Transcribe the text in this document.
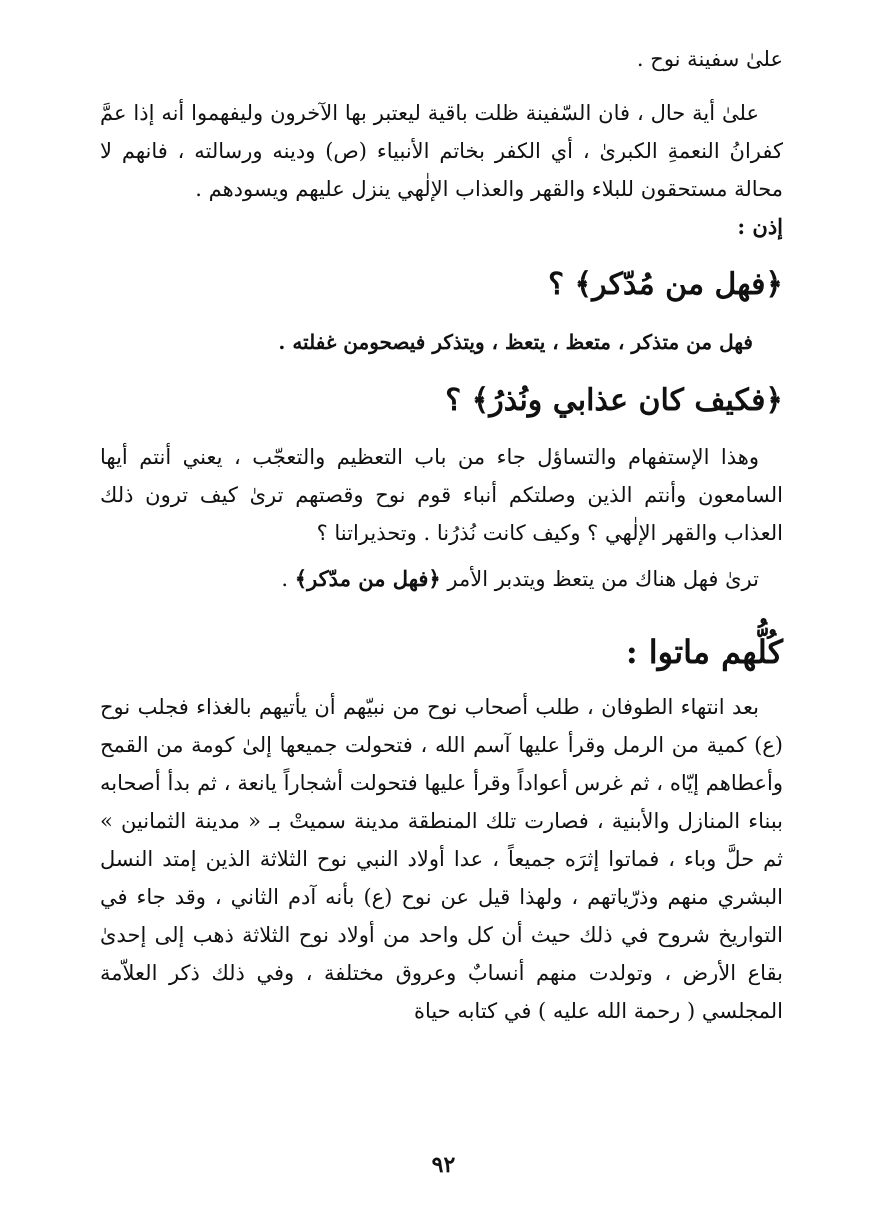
علىٰ سفينة نوح .

علىٰ أية حال ، فان السّفينة ظلت باقية ليعتبر بها الآخرون وليفهموا أنه إذا عمَّ كفرانُ النعمةِ الكبرىٰ ، أي الكفر بخاتم الأنبياء (ص) ودينه ورسالته ، فانهم لا محالة مستحقون للبلاء والقهر والعذاب الإلٰهي ينزل عليهم ويسودهم .

إذن :

﴿فهل من مُدّكر﴾ ؟

فهل من متذكر ، متعظ ، يتعظ ، ويتذكر فيصحومن غفلته .

﴿فكيف كان عذابي ونُذرُ﴾ ؟

وهذا الإستفهام والتساؤل جاء من باب التعظيم والتعجّب ، يعني أنتم أيها السامعون وأنتم الذين وصلتكم أنباء قوم نوح وقصتهم ترىٰ كيف ترون ذلك العذاب والقهر الإلٰهي ؟ وكيف كانت نُذرُنا . وتحذيراتنا ؟

ترىٰ فهل هناك من يتعظ ويتدبر الأمر ﴿فهل من مدّكر﴾ .

كُلُّهم ماتوا :

بعد انتهاء الطوفان ، طلب أصحاب نوح من نبيّهم أن يأتيهم بالغذاء فجلب نوح (ع) كمية من الرمل وقرأ عليها آسم الله ، فتحولت جميعها إلىٰ كومة من القمح وأعطاهم إيّاه ، ثم غرس أعواداً وقرأ عليها فتحولت أشجاراً يانعة ، ثم بدأ أصحابه ببناء المنازل والأبنية ، فصارت تلك المنطقة مدينة سميتْ بـ « مدينة الثمانين » ثم حلَّ وباء ، فماتوا إثرَه جميعاً ، عدا أولاد النبي نوح الثلاثة الذين إمتد النسل البشري منهم وذرّياتهم ، ولهذا قيل عن نوح (ع) بأنه آدم الثاني ، وقد جاء في التواريخ شروح في ذلك حيث أن كل واحد من أولاد نوح الثلاثة ذهب إلى إحدىٰ بقاع الأرض ، وتولدت منهم أنسابٌ وعروق مختلفة ، وفي ذلك ذكر العلاّمة المجلسي ( رحمة الله عليه ) في كتابه حياة

٩٢
